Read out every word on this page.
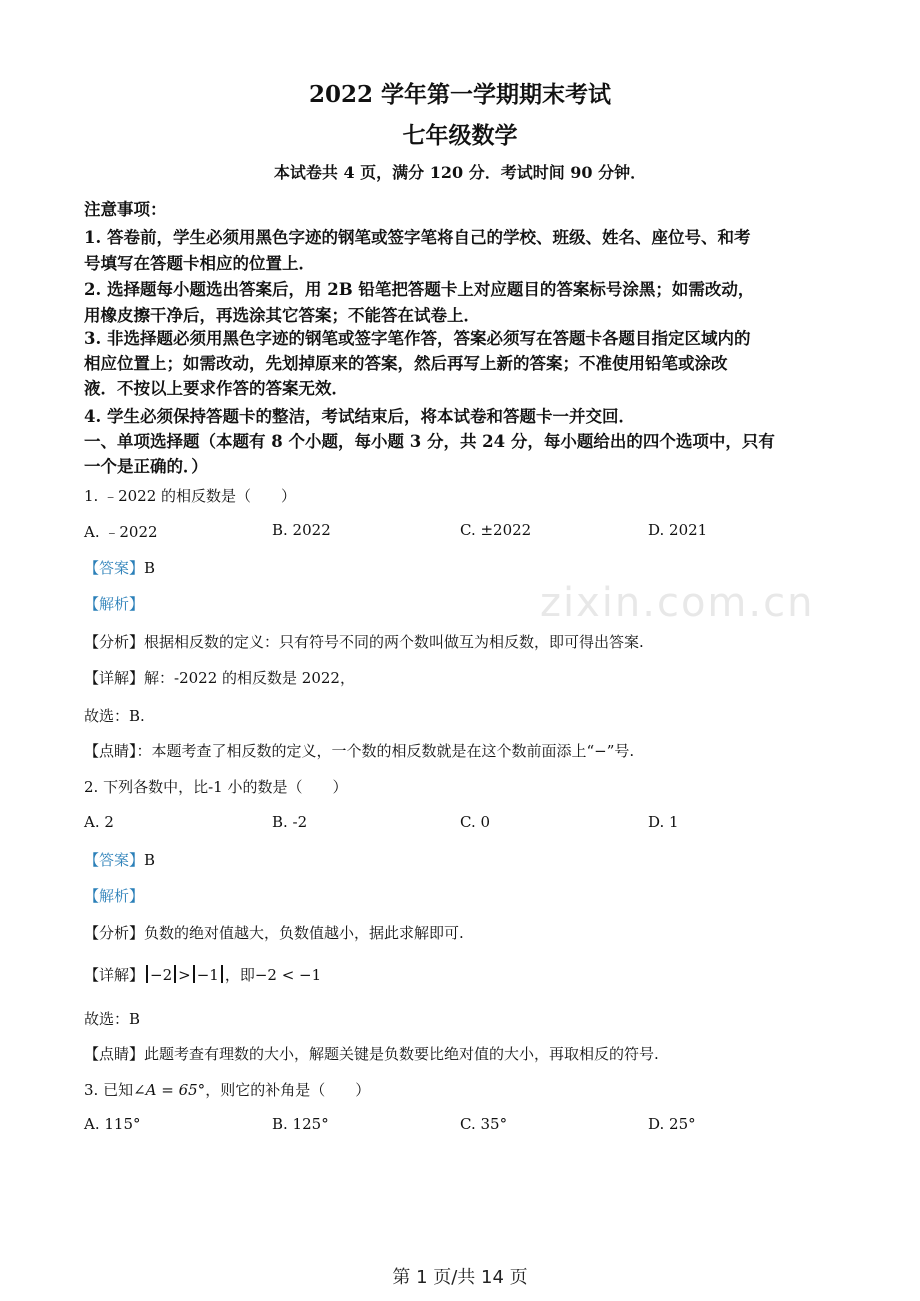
zixin.com.cn
2022 学年第一学期期末考试
七年级数学
本试卷共 4 页，满分 120 分．考试时间 90 分钟．
注意事项：
1. 答卷前，学生必须用黑色字迹的钢笔或签字笔将自己的学校、班级、姓名、座位号、和考
号填写在答题卡相应的位置上．
2. 选择题每小题选出答案后，用 2B 铅笔把答题卡上对应题目的答案标号涂黑；如需改动，
用橡皮擦干净后，再选涂其它答案；不能答在试卷上．
3. 非选择题必须用黑色字迹的钢笔或签字笔作答，答案必须写在答题卡各题目指定区域内的
相应位置上；如需改动，先划掉原来的答案，然后再写上新的答案；不准使用铅笔或涂改
液．不按以上要求作答的答案无效．
4. 学生必须保持答题卡的整洁，考试结束后，将本试卷和答题卡一并交回．
一、单项选择题（本题有 8 个小题，每小题 3 分，共 24 分，每小题给出的四个选项中，只有
一个是正确的．）
1. ﹣2022 的相反数是（　　）
A. ﹣2022	B. 2022	C. ±2022	D. 2021
【答案】B
【解析】
【分析】根据相反数的定义：只有符号不同的两个数叫做互为相反数，即可得出答案.
【详解】解：-2022 的相反数是 2022，
故选：B.
【点睛】：本题考查了相反数的定义，一个数的相反数就是在这个数前面添上“−”号.
2. 下列各数中，比-1 小的数是（　　）
A. 2	B. -2	C. 0	D. 1
【答案】B
【解析】
【分析】负数的绝对值越大，负数值越小，据此求解即可.
【详解】 −2 > −1 ，即−2 < −1
故选：B
【点睛】此题考查有理数的大小，解题关键是负数要比绝对值的大小，再取相反的符号.
3. 已知∠A = 65°，则它的补角是（　　）
A. 115°	B. 125°	C. 35°	D. 25°
第 1 页/共 14 页
